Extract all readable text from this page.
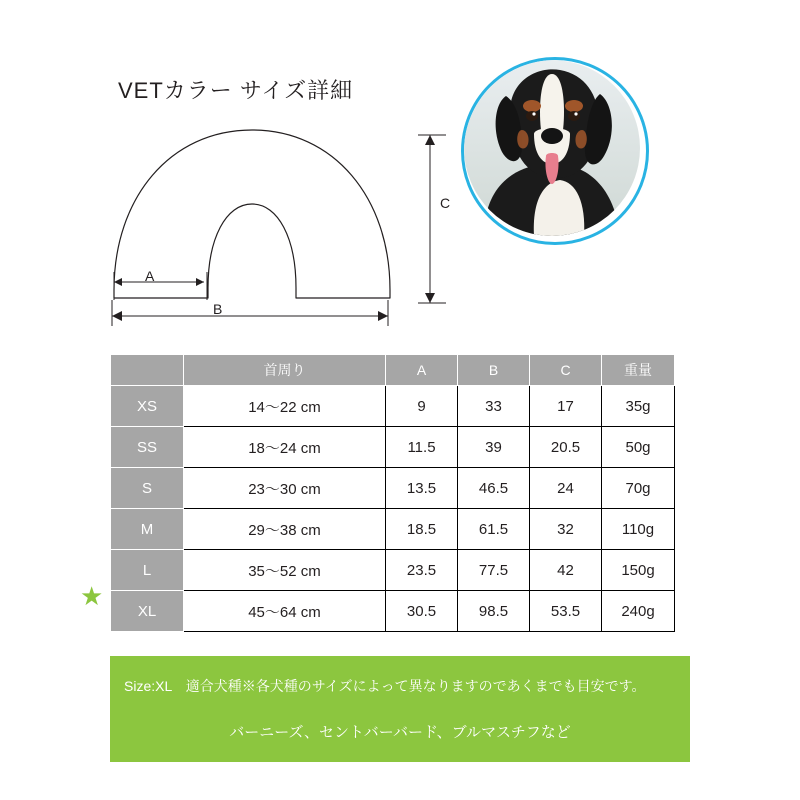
VETカラー サイズ詳細
A
B
C
	首周り	A	B	C	重量
XS	14〜22 cm	9	33	17	35g
SS	18〜24 cm	11.5	39	20.5	50g
S	23〜30 cm	13.5	46.5	24	70g
M	29〜38 cm	18.5	61.5	32	110g
L	35〜52 cm	23.5	77.5	42	150g
XL	45〜64 cm	30.5	98.5	53.5	240g
★
Size:XL　適合犬種※各犬種のサイズによって異なりますのであくまでも目安です。
バーニーズ、セントバーバード、ブルマスチフなど
